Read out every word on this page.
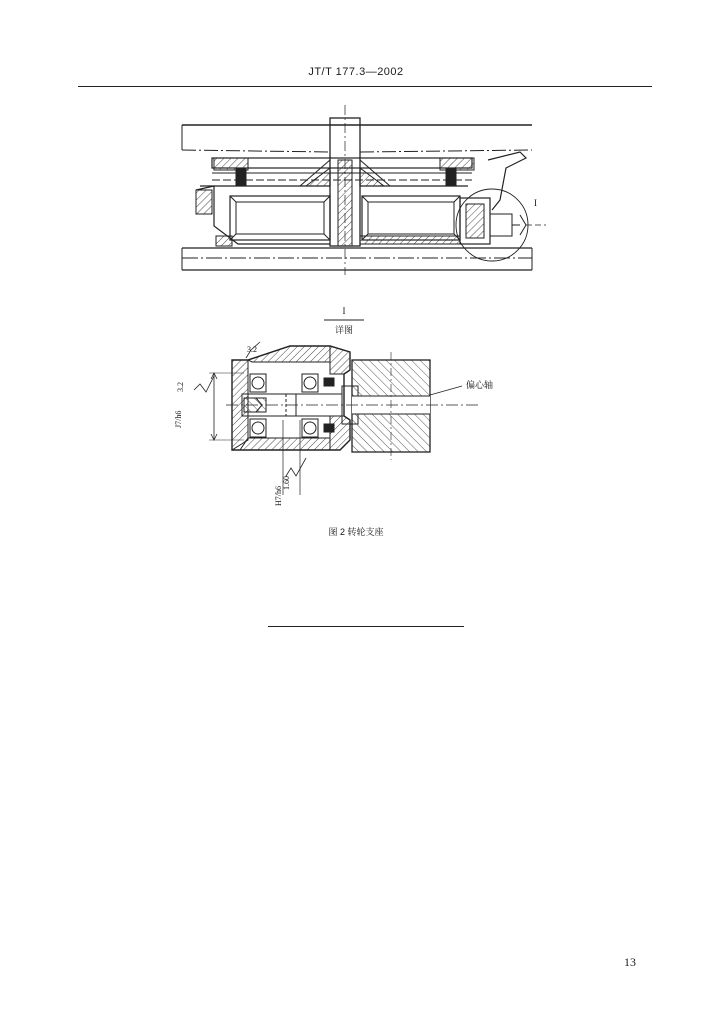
JT/T 177.3—2002
I
I
详图
3.2
3.2
J7/h6
1.60
H7/h6
偏心轴
图 2 转轮支座
13
